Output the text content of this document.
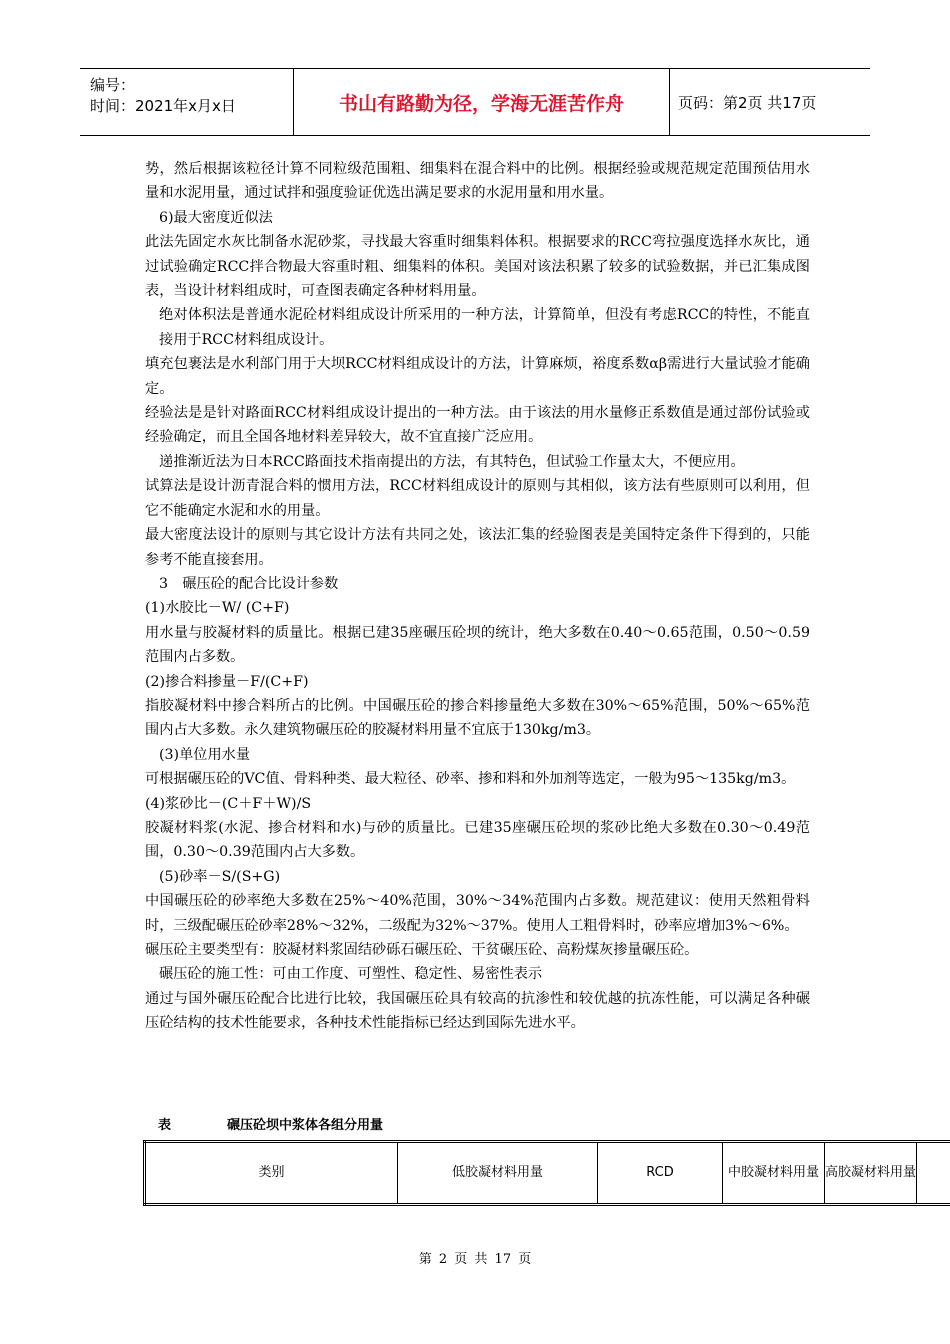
编号：
时间：2021年x月x日	书山有路勤为径，学海无涯苦作舟	页码：第2页 共17页

势，然后根据该粒径计算不同粒级范围粗、细集料在混合料中的比例。根据经验或规范规定范围预估用水量和水泥用量，通过试拌和强度验证优选出满足要求的水泥用量和用水量。

6)最大密度近似法

此法先固定水灰比制备水泥砂浆，寻找最大容重时细集料体积。根据要求的RCC弯拉强度选择水灰比，通过试验确定RCC拌合物最大容重时粗、细集料的体积。美国对该法积累了较多的试验数据，并已汇集成图表，当设计材料组成时，可查图表确定各种材料用量。

绝对体积法是普通水泥砼材料组成设计所采用的一种方法，计算简单，但没有考虑RCC的特性，不能直接用于RCC材料组成设计。

填充包裹法是水利部门用于大坝RCC材料组成设计的方法，计算麻烦，裕度系数αβ需进行大量试验才能确定。

经验法是是针对路面RCC材料组成设计提出的一种方法。由于该法的用水量修正系数值是通过部份试验或经验确定，而且全国各地材料差异较大，故不宜直接广泛应用。

递推渐近法为日本RCC路面技术指南提出的方法，有其特色，但试验工作量太大，不便应用。

试算法是设计沥青混合料的惯用方法，RCC材料组成设计的原则与其相似，该方法有些原则可以利用，但它不能确定水泥和水的用量。

最大密度法设计的原则与其它设计方法有共同之处，该法汇集的经验图表是美国特定条件下得到的，只能参考不能直接套用。

3　碾压砼的配合比设计参数

(1)水胶比－W/ (C+F)

用水量与胶凝材料的质量比。根据已建35座碾压砼坝的统计，绝大多数在0.40～0.65范围，0.50～0.59范围内占多数。

(2)掺合料掺量－F/(C+F)

指胶凝材料中掺合料所占的比例。中国碾压砼的掺合料掺量绝大多数在30%～65%范围，50%～65%范围内占大多数。永久建筑物碾压砼的胶凝材料用量不宜底于130kg/m3。

(3)单位用水量

可根据碾压砼的VC值、骨料种类、最大粒径、砂率、掺和料和外加剂等选定，一般为95～135kg/m3。

(4)浆砂比－(C＋F＋W)/S

胶凝材料浆(水泥、掺合材料和水)与砂的质量比。已建35座碾压砼坝的浆砂比绝大多数在0.30～0.49范围，0.30～0.39范围内占大多数。

(5)砂率－S/(S+G)

中国碾压砼的砂率绝大多数在25%～40%范围，30%～34%范围内占多数。规范建议：使用天然粗骨料时，三级配碾压砼砂率28%～32%，二级配为32%～37%。使用人工粗骨料时，砂率应增加3%～6%。

碾压砼主要类型有：胶凝材料浆固结砂砾石碾压砼、干贫碾压砼、高粉煤灰掺量碾压砼。

碾压砼的施工性：可由工作度、可塑性、稳定性、易密性表示

通过与国外碾压砼配合比进行比较，我国碾压砼具有较高的抗渗性和较优越的抗冻性能，可以满足各种碾压砼结构的技术性能要求，各种技术性能指标已经达到国际先进水平。

表	碾压砼坝中浆体各组分用量
类别	低胶凝材料用量	RCD	中胶凝材料用量	高胶凝材料用量	
第 2 页 共 17 页
